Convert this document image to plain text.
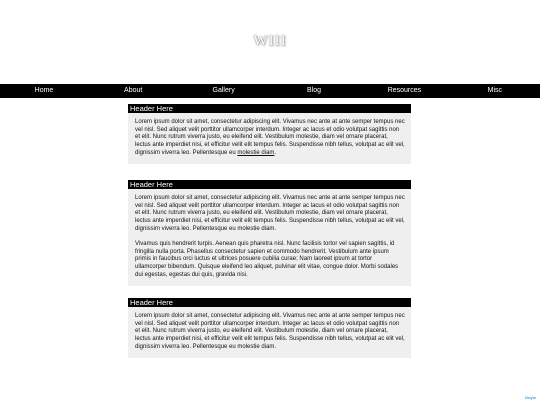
WIII
Home	About	Gallery	Blog	Resources	Misc
Header Here

Lorem ipsum dolor sit amet, consectetur adipiscing elit. Vivamus nec ante at ante semper tempus nec vel nisl. Sed aliquet velit porttitor ullamcorper interdum. Integer ac lacus et odio volutpat sagittis non et elit. Nunc rutrum viverra justo, eu eleifend elit. Vestibulum molestie, diam vel ornare placerat, lectus ante imperdiet nisi, et efficitur velit elit tempus felis. Suspendisse nibh tellus, volutpat ac elit vel, dignissim viverra leo. Pellentesque eu molestie diam.

Header Here

Lorem ipsum dolor sit amet, consectetur adipiscing elit. Vivamus nec ante at ante semper tempus nec vel nisl. Sed aliquet velit porttitor ullamcorper interdum. Integer ac lacus et odio volutpat sagittis non et elit. Nunc rutrum viverra justo, eu eleifend elit. Vestibulum molestie, diam vel ornare placerat, lectus ante imperdiet nisi, et efficitur velit elit tempus felis. Suspendisse nibh tellus, volutpat ac elit vel, dignissim viverra leo. Pellentesque eu molestie diam.

Vivamus quis hendrerit turpis. Aenean quis pharetra nisl. Nunc facilisis tortor vel sapien sagittis, id fringilla nulla porta. Phasellus consectetur sapien et commodo hendrerit. Vestibulum ante ipsum primis in faucibus orci luctus et ultrices posuere cubilia curae; Nam laoreet ipsum at tortor ullamcorper bibendum. Quisque eleifend leo aliquet, pulvinar elit vitae, congue dolor. Morbi sodales dui egestas, egestas dui quis, gravida nisi.

Header Here

Lorem ipsum dolor sit amet, consectetur adipiscing elit. Vivamus nec ante at ante semper tempus nec vel nisl. Sed aliquet velit porttitor ullamcorper interdum. Integer ac lacus et odio volutpat sagittis non et elit. Nunc rutrum viverra justo, eu eleifend elit. Vestibulum molestie, diam vel ornare placerat, lectus ante imperdiet nisi, et efficitur velit elit tempus felis. Suspendisse nibh tellus, volutpat ac elit vel, dignissim viverra leo. Pellentesque eu molestie diam.

Doyle
